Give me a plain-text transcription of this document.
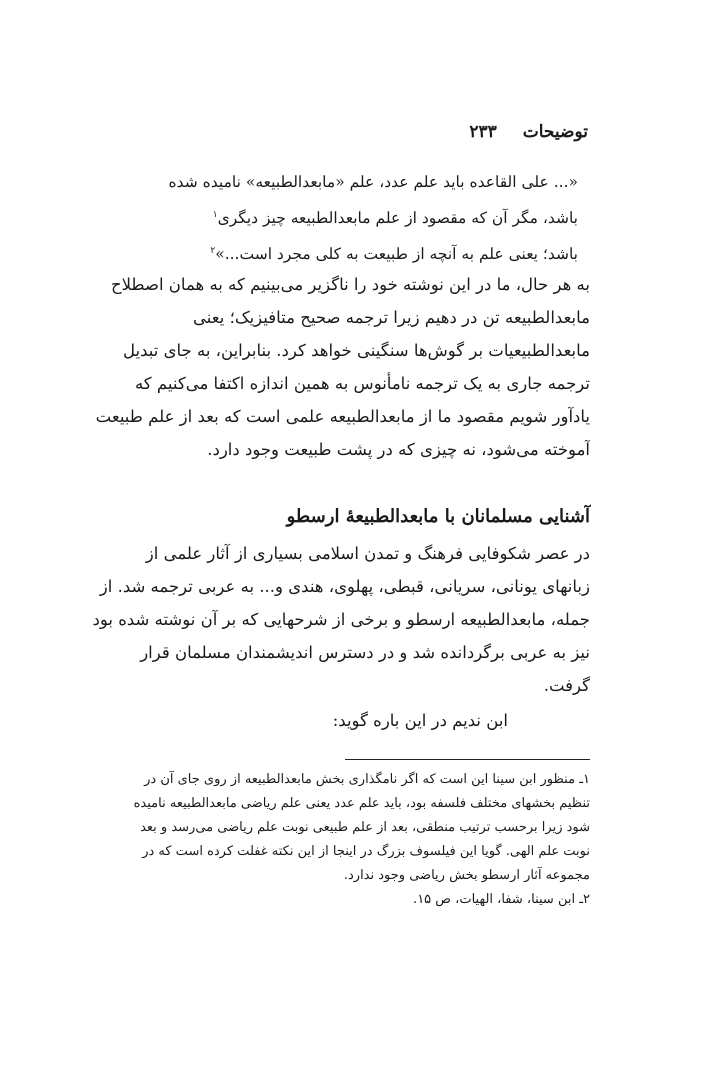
توضیحات ۲۳۳
«... علی القاعده باید علم عدد، علم «مابعدالطبیعه» نامیده شده
باشد، مگر آن که مقصود از علم مابعدالطبیعه چیز دیگری$^۱$
باشد؛ یعنی علم به آنچه از طبیعت به کلی مجرد است...»$^۲$
به هر حال، ما در این نوشته خود را ناگزیر می‌بینیم که به همان اصطلاح
مابعدالطبیعه تن در دهیم زیرا ترجمه صحیح متافیزیک؛ یعنی
مابعدالطبیعیات بر گوش‌ها سنگینی خواهد کرد. بنابراین، به جای تبدیل
ترجمه جاری به یک ترجمه نامأنوس به همین اندازه اکتفا می‌کنیم که
یادآور شویم مقصود ما از مابعدالطبیعه علمی است که بعد از علم طبیعت
آموخته می‌شود، نه چیزی که در پشت طبیعت وجود دارد.
آشنایی مسلمانان با مابعدالطبیعهٔ ارسطو
در عصر شکوفایی فرهنگ و تمدن اسلامی بسیاری از آثار علمی از
زبانهای یونانی، سریانی، قبطی، پهلوی، هندی و... به عربی ترجمه شد. از
جمله، مابعدالطبیعه ارسطو و برخی از شرحهایی که بر آن نوشته شده بود
نیز به عربی برگردانده شد و در دسترس اندیشمندان مسلمان قرار
گرفت.
ابن ندیم در این باره گوید:
۱ـ منظور ابن سینا این است که اگر نامگذاری بخش مابعدالطبیعه از روی جای آن در
تنظیم بخشهای مختلف فلسفه بود، باید علم عدد یعنی علم ریاضی مابعدالطبیعه نامیده
شود زیرا برحسب ترتیب منطقی، بعد از علم طبیعی نوبت علم ریاضی می‌رسد و بعد
نوبت علم الهی. گویا این فیلسوف بزرگ در اینجا از این نکته غفلت کرده است که در
مجموعه آثار ارسطو بخش ریاضی وجود ندارد.
۲ـ ابن سینا، شفا، الهیات، ص ۱۵.
